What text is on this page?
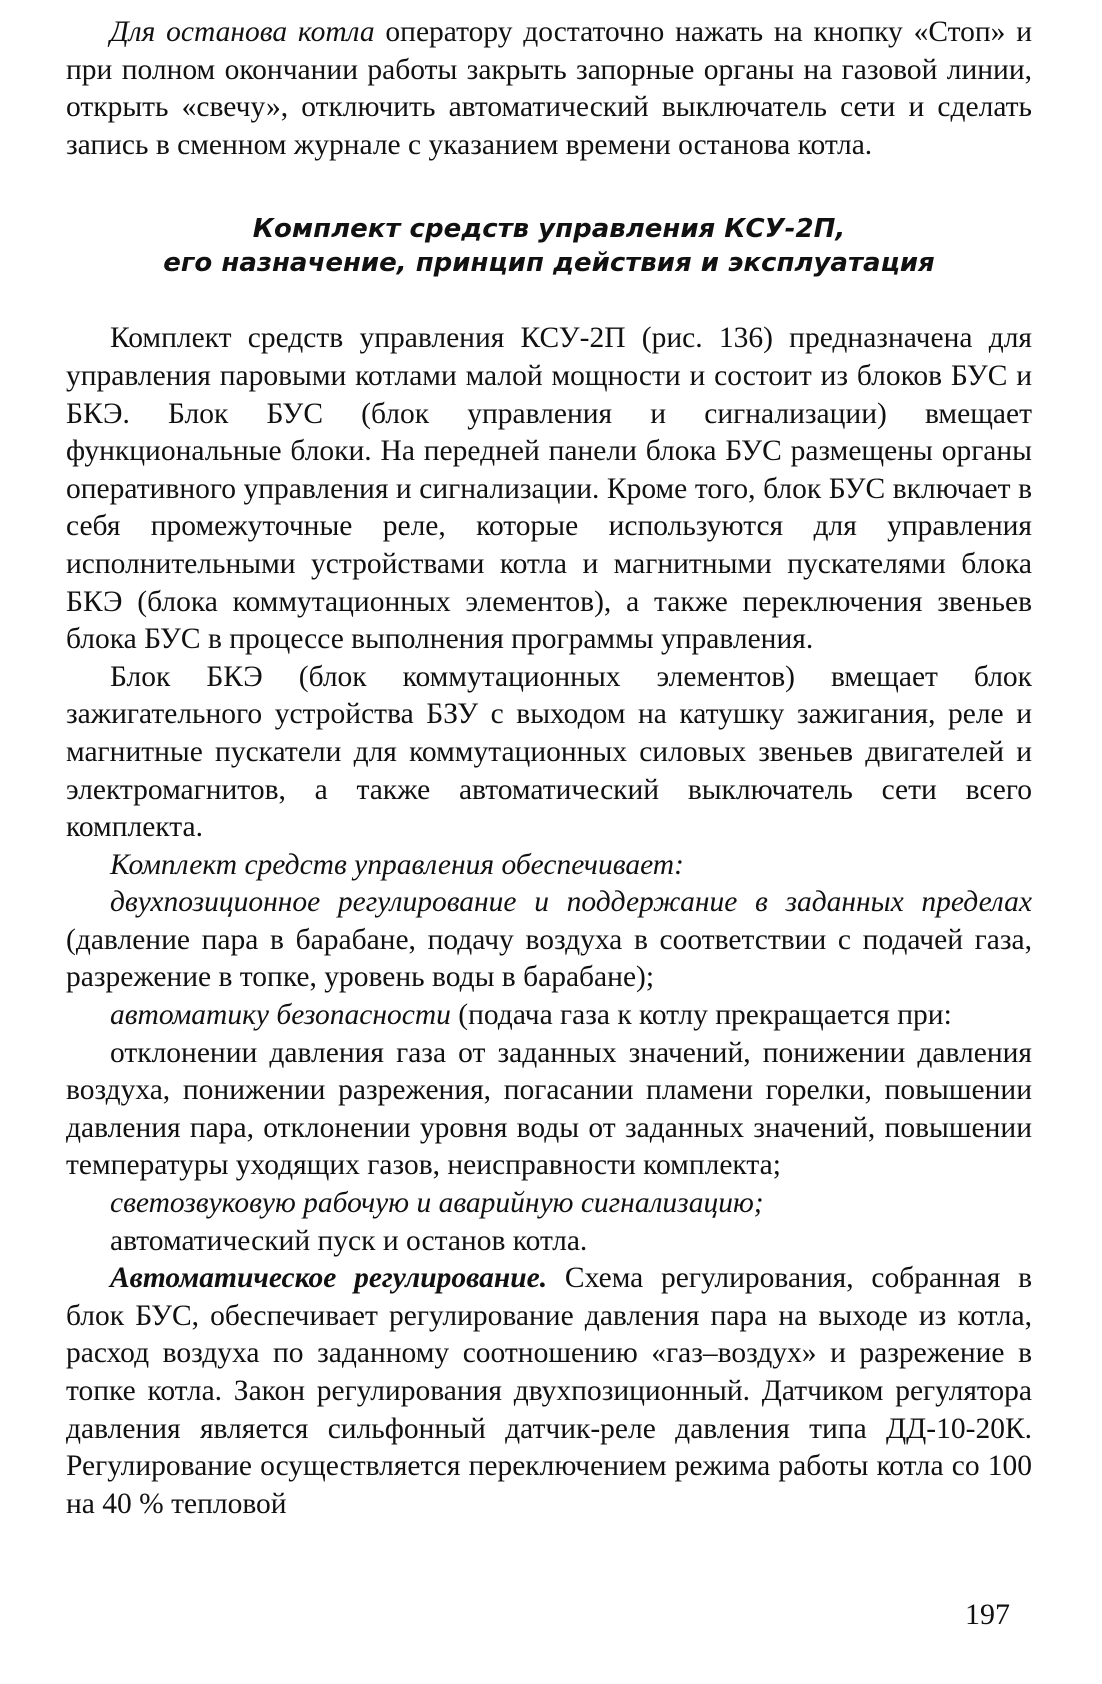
Для останова котла оператору достаточно нажать на кнопку «Стоп» и при полном окончании работы закрыть запорные органы на газовой линии, открыть «свечу», отключить автоматический выключатель сети и сделать запись в сменном журнале с указанием времени останова котла.

Комплект средств управления КСУ-2П,
его назначение, принцип действия и эксплуатация

Комплект средств управления КСУ-2П (рис. 136) предназначена для управления паровыми котлами малой мощности и состоит из блоков БУС и БКЭ. Блок БУС (блок управления и сигнализации) вмещает функциональные блоки. На передней панели блока БУС размещены органы оперативного управления и сигнализации. Кроме того, блок БУС включает в себя промежуточные реле, которые используются для управления исполнительными устройствами котла и магнитными пускателями блока БКЭ (блока коммутационных элементов), а также переключения звеньев блока БУС в процессе выполнения программы управления.

Блок БКЭ (блок коммутационных элементов) вмещает блок зажигательного устройства БЗУ с выходом на катушку зажигания, реле и магнитные пускатели для коммутационных силовых звеньев двигателей и электромагнитов, а также автоматический выключатель сети всего комплекта.

Комплект средств управления обеспечивает:

двухпозиционное регулирование и поддержание в заданных пределах (давление пара в барабане, подачу воздуха в соответствии с подачей газа, разрежение в топке, уровень воды в барабане);

автоматику безопасности (подача газа к котлу прекращается при:

отклонении давления газа от заданных значений, понижении давления воздуха, понижении разрежения, погасании пламени горелки, повышении давления пара, отклонении уровня воды от заданных значений, повышении температуры уходящих газов, неисправности комплекта;

светозвуковую рабочую и аварийную сигнализацию;

автоматический пуск и останов котла.

Автоматическое регулирование. Схема регулирования, собранная в блок БУС, обеспечивает регулирование давления пара на выходе из котла, расход воздуха по заданному соотношению «газ–воздух» и разрежение в топке котла. Закон регулирования двухпозиционный. Датчиком регулятора давления является сильфонный датчик-реле давления типа ДД-10-20К. Регулирование осуществляется переключением режима работы котла со 100 на 40 % тепловой

197
